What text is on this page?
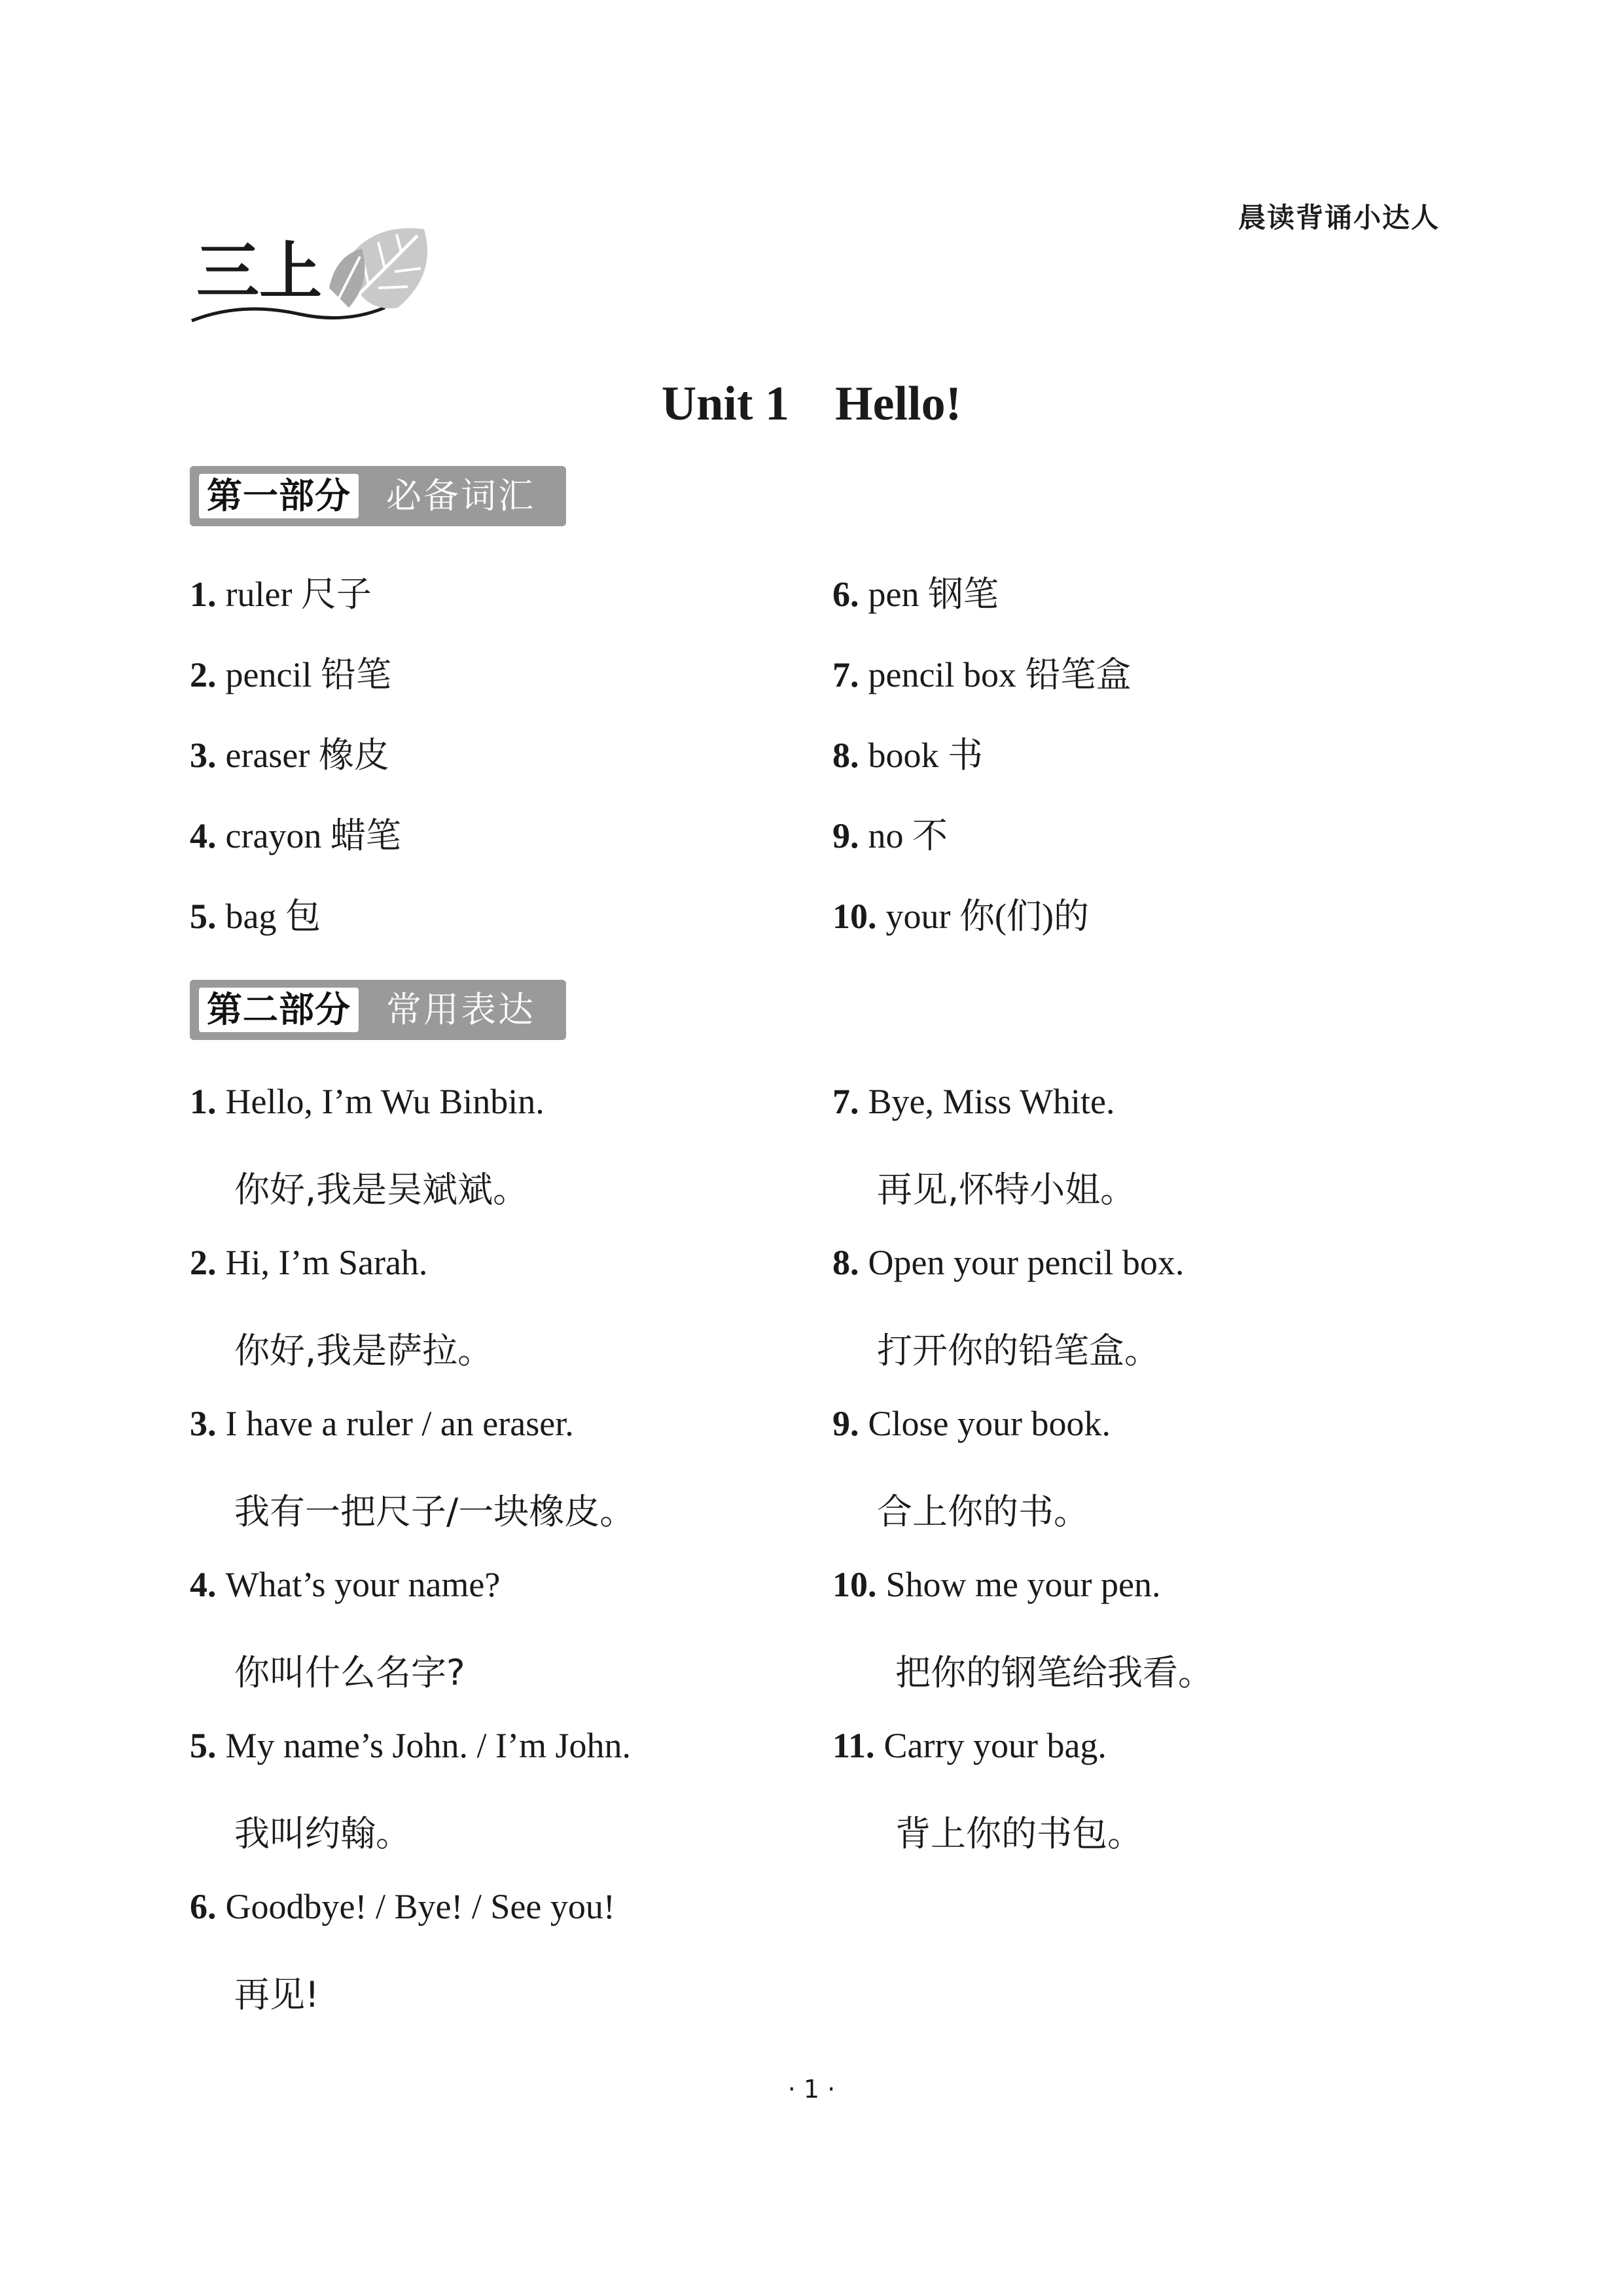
晨读背诵小达人
三上
Unit 1 Hello!
第一部分 必备词汇
1. ruler 尺子
2. pencil 铅笔
3. eraser 橡皮
4. crayon 蜡笔
5. bag 包
6. pen 钢笔
7. pencil box 铅笔盒
8. book 书
9. no 不
10. your 你(们)的
第二部分 常用表达
1. Hello, I’m Wu Binbin.
你好,我是吴斌斌。
2. Hi, I’m Sarah.
你好,我是萨拉。
3. I have a ruler / an eraser.
我有一把尺子/一块橡皮。
4. What’s your name?
你叫什么名字?
5. My name’s John. / I’m John.
我叫约翰。
6. Goodbye! / Bye! / See you!
再见!
7. Bye, Miss White.
再见,怀特小姐。
8. Open your pencil box.
打开你的铅笔盒。
9. Close your book.
合上你的书。
10. Show me your pen.
把你的钢笔给我看。
11. Carry your bag.
背上你的书包。
· 1 ·
